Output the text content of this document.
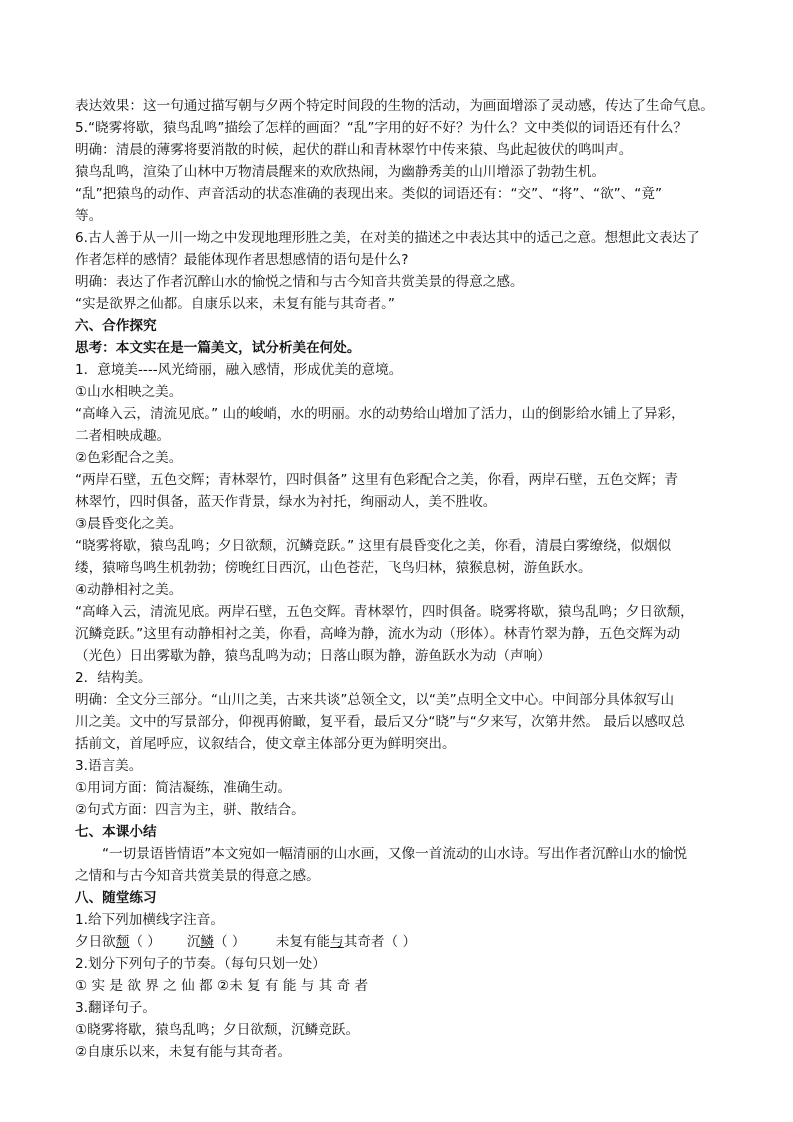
表达效果：这一句通过描写朝与夕两个特定时间段的生物的活动，为画面增添了灵动感，传达了生命气息。
5.“晓雾将歇，猿鸟乱鸣”描绘了怎样的画面？“乱”字用的好不好？为什么？文中类似的词语还有什么？
明确：清晨的薄雾将要消散的时候，起伏的群山和青林翠竹中传来猿、鸟此起彼伏的鸣叫声。
猿鸟乱鸣，渲染了山林中万物清晨醒来的欢欣热闹，为幽静秀美的山川增添了勃勃生机。
“乱”把猿鸟的动作、声音活动的状态准确的表现出来。类似的词语还有：“交”、“将”、“欲”、“竟”
等。
6.古人善于从一川一坳之中发现地理形胜之美，在对美的描述之中表达其中的适己之意。想想此文表达了
作者怎样的感情？最能体现作者思想感情的语句是什么?
明确：表达了作者沉醉山水的愉悦之情和与古今知音共赏美景的得意之感。
“实是欲界之仙都。自康乐以来，未复有能与其奇者。”
六、合作探究
思考：本文实在是一篇美文，试分析美在何处。
1．意境美----风光绮丽，融入感情，形成优美的意境。
①山水相映之美。
“高峰入云，清流见底。” 山的峻峭，水的明丽。水的动势给山增加了活力，山的倒影给水铺上了异彩，
二者相映成趣。
②色彩配合之美。
“两岸石壁，五色交辉；青林翠竹，四时俱备” 这里有色彩配合之美，你看，两岸石壁，五色交辉；青
林翠竹，四时俱备，蓝天作背景，绿水为衬托，绚丽动人，美不胜收。
③晨昏变化之美。
“晓雾将歇，猿鸟乱鸣；夕日欲颓，沉鳞竞跃。” 这里有晨昏变化之美，你看，清晨白雾缭绕，似烟似
缕，猿啼鸟鸣生机勃勃；傍晚红日西沉，山色苍茫，飞鸟归林，猿猴息树，游鱼跃水。
④动静相衬之美。
“高峰入云，清流见底。两岸石壁，五色交辉。青林翠竹，四时俱备。晓雾将歇，猿鸟乱鸣；夕日欲颓，
沉鳞竞跃。”这里有动静相衬之美，你看，高峰为静，流水为动（形体）。林青竹翠为静，五色交辉为动
（光色）日出雾歇为静，猿鸟乱鸣为动；日落山暝为静，游鱼跃水为动（声响）
2．结构美。
明确：全文分三部分。“山川之美，古来共谈”总领全文，以“美”点明全文中心。中间部分具体叙写山
川之美。文中的写景部分，仰视再俯瞰，复平看，最后又分“晓”与“夕来写，次第井然。 最后以感叹总
括前文，首尾呼应，议叙结合，使文章主体部分更为鲜明突出。
3.语言美。
①用词方面：简洁凝练，准确生动。
②句式方面：四言为主，骈、散结合。
七、本课小结
“一切景语皆情语”本文宛如一幅清丽的山水画，又像一首流动的山水诗。写出作者沉醉山水的愉悦
之情和与古今知音共赏美景的得意之感。
八、随堂练习
1.给下列加横线字注音。
夕日欲颓（ ） 沉鳞（ ） 未复有能与其奇者（ ）
2.划分下列句子的节奏。（每句只划一处）
① 实 是 欲 界 之 仙 都 ②未 复 有 能 与 其 奇 者
3.翻译句子。
①晓雾将歇，猿鸟乱鸣；夕日欲颓，沉鳞竞跃。
②自康乐以来，未复有能与其奇者。
